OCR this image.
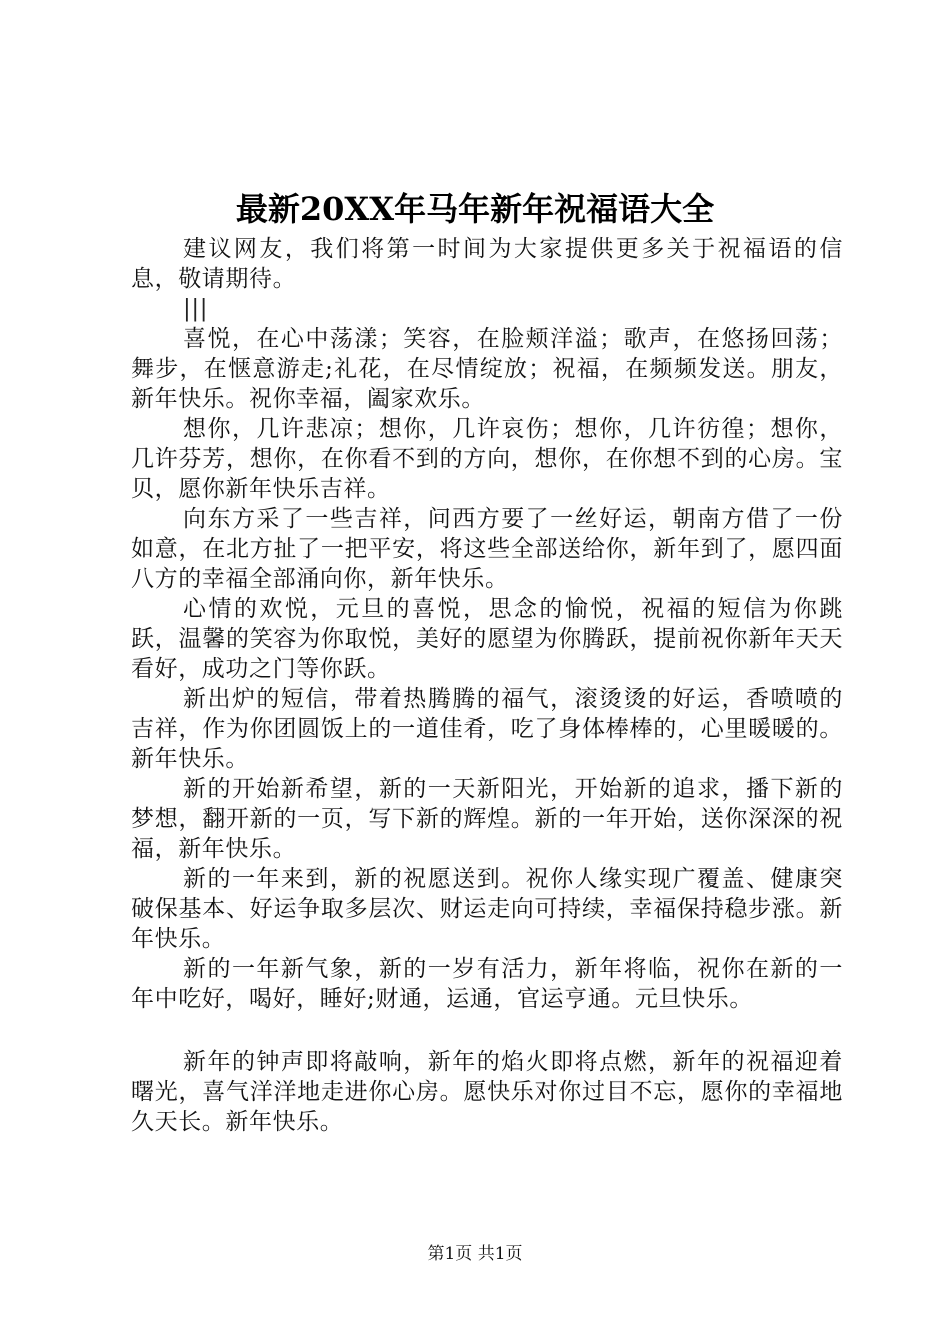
最新20XX年马年新年祝福语大全

建议网友，我们将第一时间为大家提供更多关于祝福语的信息，敬请期待。

|||

喜悦，在心中荡漾；笑容，在脸颊洋溢；歌声，在悠扬回荡；舞步，在惬意游走;礼花，在尽情绽放；祝福，在频频发送。朋友，新年快乐。祝你幸福，阖家欢乐。

想你，几许悲凉；想你，几许哀伤；想你，几许彷徨；想你，几许芬芳，想你，在你看不到的方向，想你，在你想不到的心房。宝贝，愿你新年快乐吉祥。

向东方采了一些吉祥，问西方要了一丝好运，朝南方借了一份如意，在北方扯了一把平安，将这些全部送给你，新年到了，愿四面八方的幸福全部涌向你，新年快乐。

心情的欢悦，元旦的喜悦，思念的愉悦，祝福的短信为你跳跃，温馨的笑容为你取悦，美好的愿望为你腾跃，提前祝你新年天天看好，成功之门等你跃。

新出炉的短信，带着热腾腾的福气，滚烫烫的好运，香喷喷的吉祥，作为你团圆饭上的一道佳肴，吃了身体棒棒的，心里暖暖的。新年快乐。

新的开始新希望，新的一天新阳光，开始新的追求，播下新的梦想，翻开新的一页，写下新的辉煌。新的一年开始，送你深深的祝福，新年快乐。

新的一年来到，新的祝愿送到。祝你人缘实现广覆盖、健康突破保基本、好运争取多层次、财运走向可持续，幸福保持稳步涨。新年快乐。

新的一年新气象，新的一岁有活力，新年将临，祝你在新的一年中吃好，喝好，睡好;财通，运通，官运亨通。元旦快乐。

新年的钟声即将敲响，新年的焰火即将点燃，新年的祝福迎着曙光，喜气洋洋地走进你心房。愿快乐对你过目不忘，愿你的幸福地久天长。新年快乐。

第1页 共1页
